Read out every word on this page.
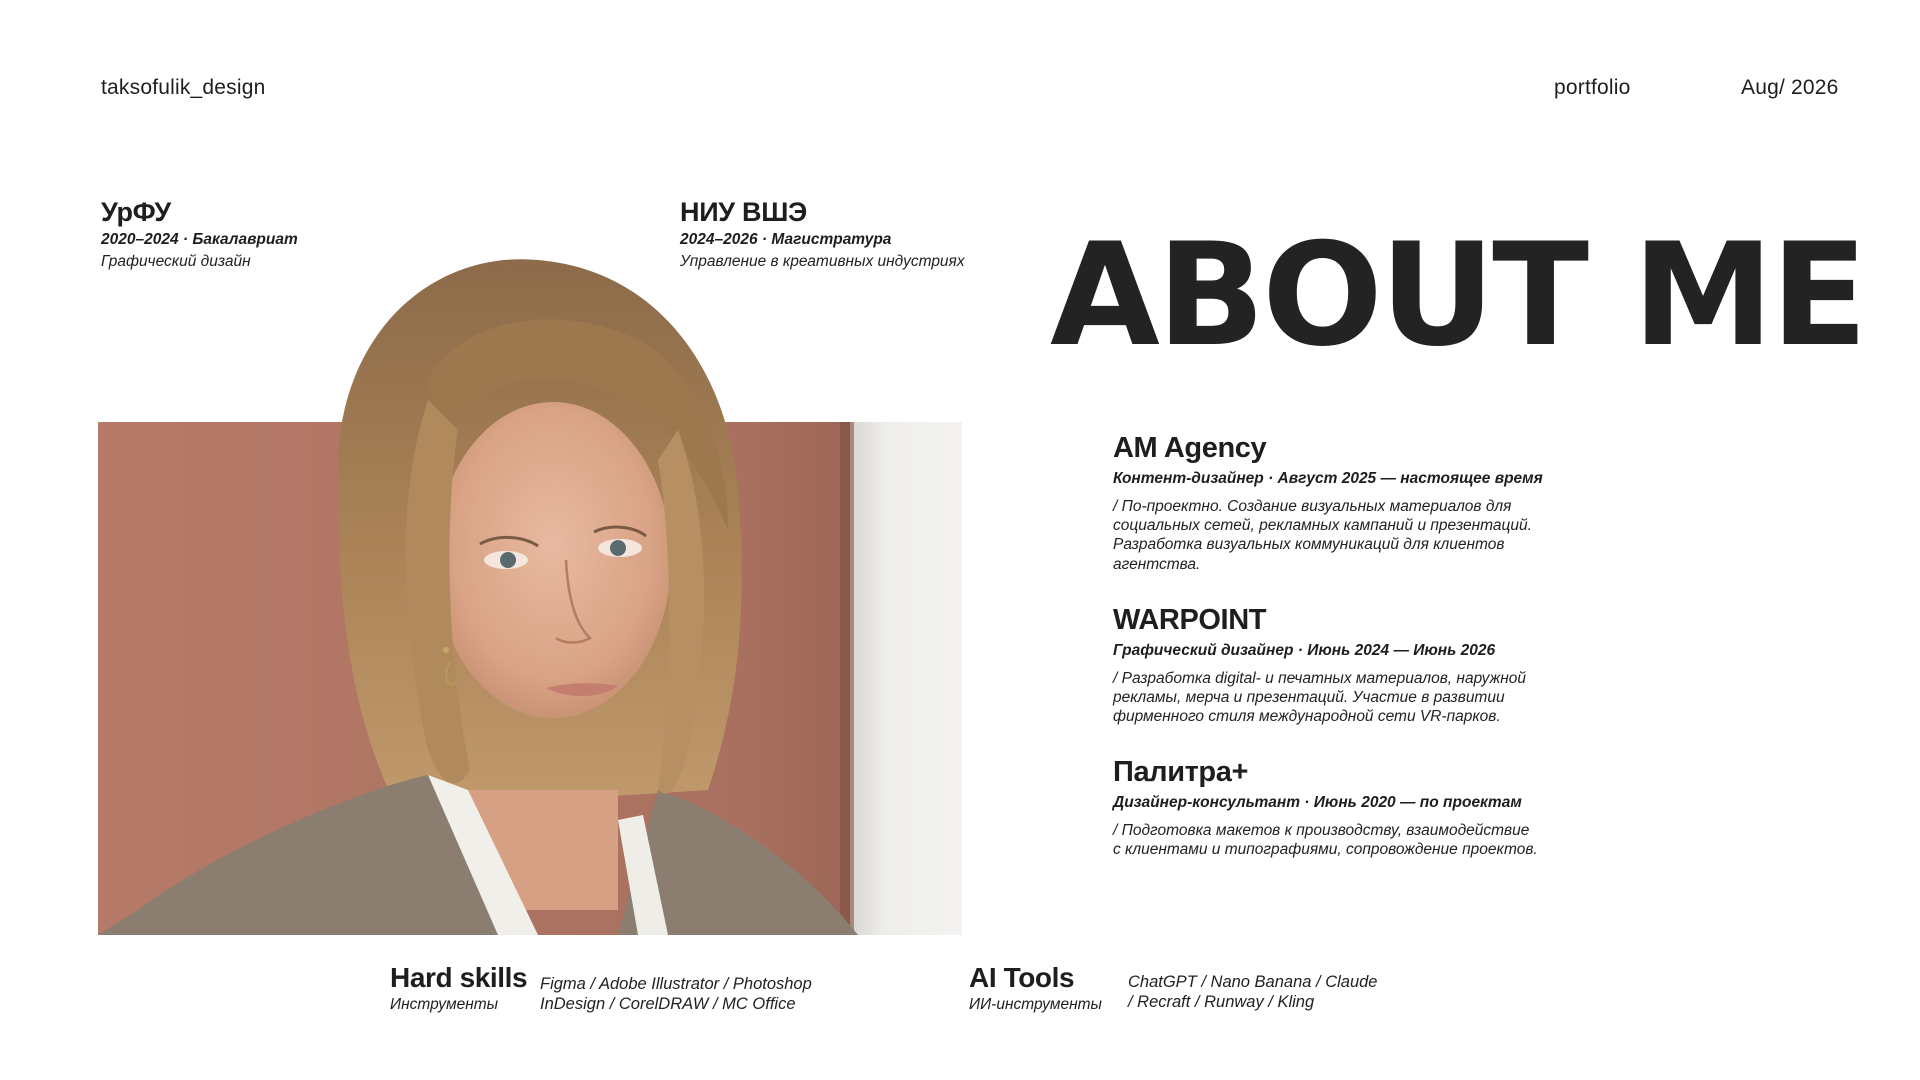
taksofulik_design	portfolio	Aug/ 2026
УрФУ
2020–2024 · Бакалавриат
Графический дизайн
НИУ ВШЭ
2024–2026 · Магистратура
Управление в креативных индустриях ABOUT ME
AM Agency
Контент-дизайнер · Август 2025 — настоящее время
/ По-проектно. Создание визуальных материалов для
социальных сетей, рекламных кампаний и презентаций.
Разработка визуальных коммуникаций для клиентов
агентства.
WARPOINT
Графический дизайнер · Июнь 2024 — Июнь 2026
/ Разработка digital- и печатных материалов, наружной
рекламы, мерча и презентаций. Участие в развитии
фирменного стиля международной сети VR-парков.
Палитра+
Дизайнер-консультант · Июнь 2020 — по проектам
/ Подготовка макетов к производству, взаимодействие
с клиентами и типографиями, сопровождение проектов.
Hard skills
Инструменты
Figma / Adobe Illustrator / Photoshop
InDesign / CorelDRAW / MC Office
AI Tools
ИИ-инструменты
ChatGPT / Nano Banana / Claude
/ Recraft / Runway / Kling
